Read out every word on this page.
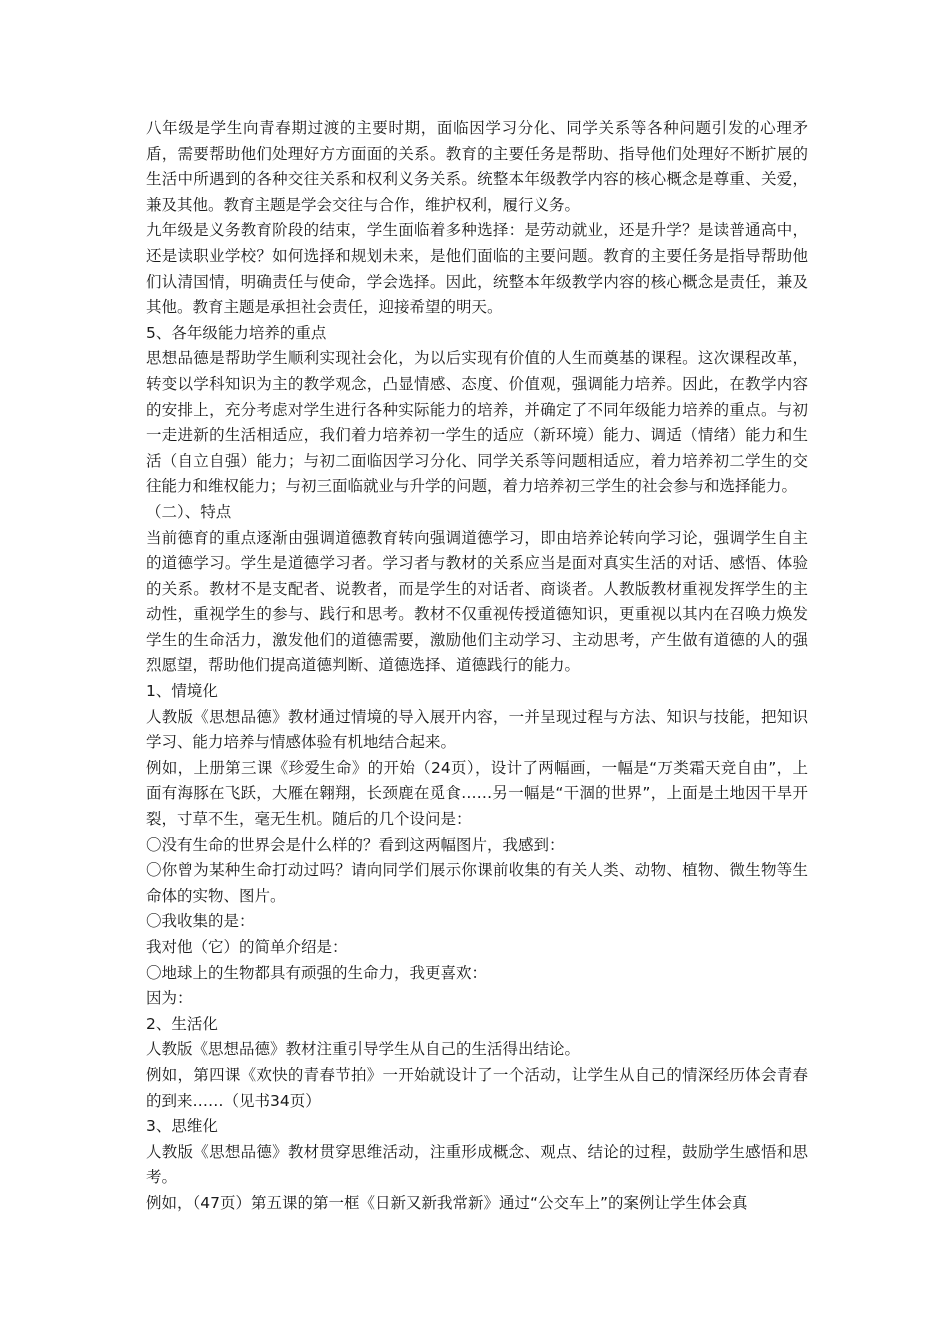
八年级是学生向青春期过渡的主要时期，面临因学习分化、同学关系等各种问题引发的心理矛盾，需要帮助他们处理好方方面面的关系。教育的主要任务是帮助、指导他们处理好不断扩展的生活中所遇到的各种交往关系和权利义务关系。统整本年级教学内容的核心概念是尊重、关爱，兼及其他。教育主题是学会交往与合作，维护权利，履行义务。

九年级是义务教育阶段的结束，学生面临着多种选择：是劳动就业，还是升学？是读普通高中，还是读职业学校？如何选择和规划未来，是他们面临的主要问题。教育的主要任务是指导帮助他们认清国情，明确责任与使命，学会选择。因此，统整本年级教学内容的核心概念是责任，兼及其他。教育主题是承担社会责任，迎接希望的明天。

5、各年级能力培养的重点

思想品德是帮助学生顺利实现社会化，为以后实现有价值的人生而奠基的课程。这次课程改革，转变以学科知识为主的教学观念，凸显情感、态度、价值观，强调能力培养。因此，在教学内容的安排上，充分考虑对学生进行各种实际能力的培养，并确定了不同年级能力培养的重点。与初一走进新的生活相适应，我们着力培养初一学生的适应（新环境）能力、调适（情绪）能力和生活（自立自强）能力；与初二面临因学习分化、同学关系等问题相适应，着力培养初二学生的交往能力和维权能力；与初三面临就业与升学的问题，着力培养初三学生的社会参与和选择能力。

（二）、特点

当前德育的重点逐渐由强调道德教育转向强调道德学习，即由培养论转向学习论，强调学生自主的道德学习。学生是道德学习者。学习者与教材的关系应当是面对真实生活的对话、感悟、体验的关系。教材不是支配者、说教者，而是学生的对话者、商谈者。人教版教材重视发挥学生的主动性，重视学生的参与、践行和思考。教材不仅重视传授道德知识，更重视以其内在召唤力焕发学生的生命活力，激发他们的道德需要，激励他们主动学习、主动思考，产生做有道德的人的强烈愿望，帮助他们提高道德判断、道德选择、道德践行的能力。

1、情境化

人教版《思想品德》教材通过情境的导入展开内容，一并呈现过程与方法、知识与技能，把知识学习、能力培养与情感体验有机地结合起来。

例如，上册第三课《珍爱生命》的开始（24页），设计了两幅画，一幅是“万类霜天竞自由”，上面有海豚在飞跃，大雁在翱翔，长颈鹿在觅食……另一幅是“干涸的世界”，上面是土地因干旱开裂，寸草不生，毫无生机。随后的几个设问是：

〇没有生命的世界会是什么样的？看到这两幅图片，我感到：

〇你曾为某种生命打动过吗？请向同学们展示你课前收集的有关人类、动物、植物、微生物等生命体的实物、图片。

〇我收集的是：

我对他（它）的简单介绍是：

〇地球上的生物都具有顽强的生命力，我更喜欢：

因为：

2、生活化

人教版《思想品德》教材注重引导学生从自己的生活得出结论。

例如，第四课《欢快的青春节拍》一开始就设计了一个活动，让学生从自己的情深经历体会青春的到来……（见书34页）

3、思维化

人教版《思想品德》教材贯穿思维活动，注重形成概念、观点、结论的过程，鼓励学生感悟和思考。

例如，（47页）第五课的第一框《日新又新我常新》通过“公交车上”的案例让学生体会真
